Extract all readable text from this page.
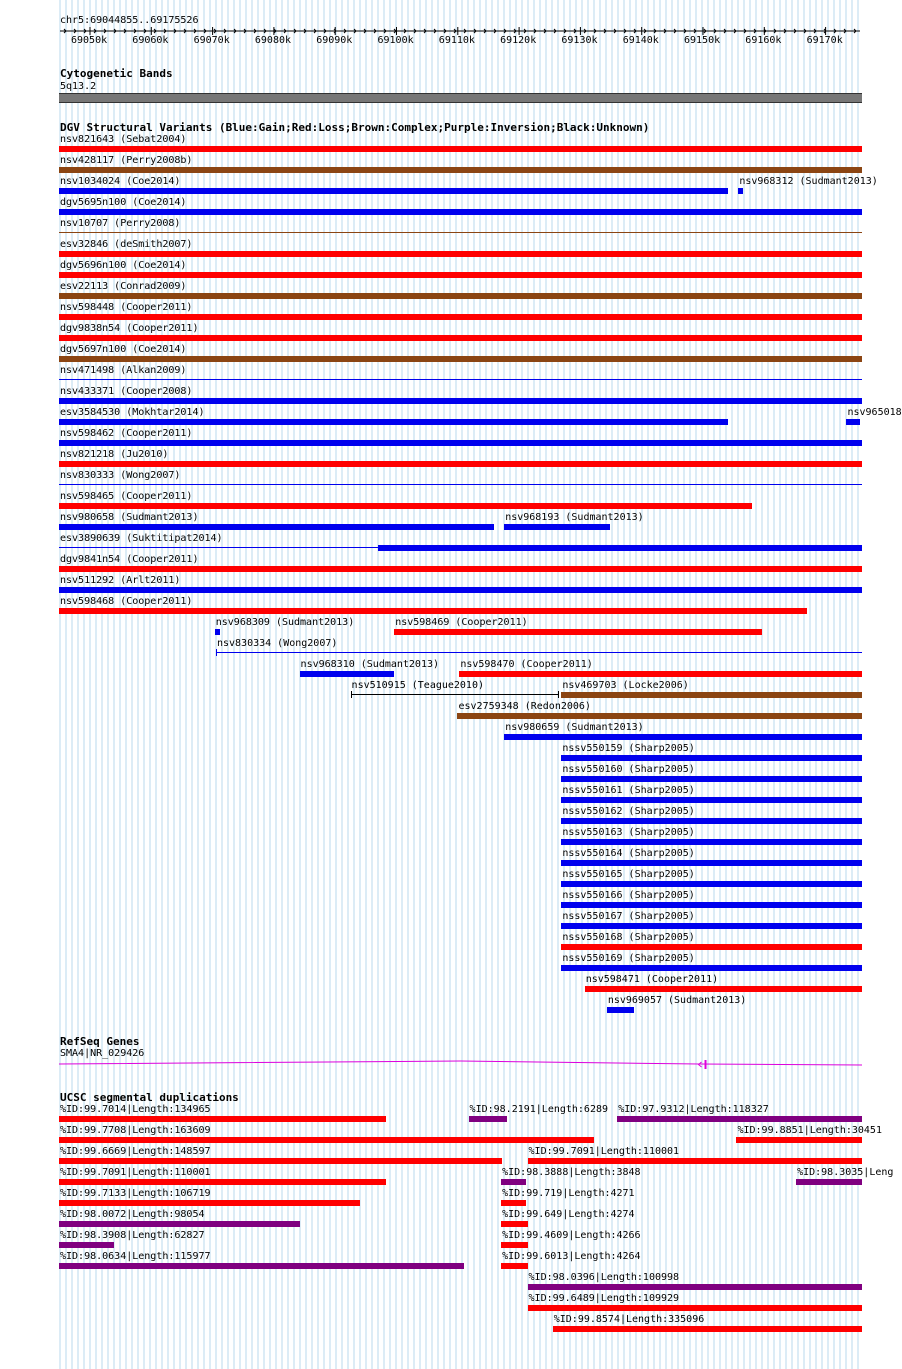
chr5:69044855..69175526
69050k	69060k	69070k	69080k	69090k	69100k	69110k	69120k	69130k	69140k	69150k	69160k	69170k
Cytogenetic Bands
5q13.2
DGV Structural Variants (Blue:Gain;Red:Loss;Brown:Complex;Purple:Inversion;Black:Unknown)
nsv821643 (Sebat2004)
nsv428117 (Perry2008b)
nsv1034024 (Coe2014)	nsv968312 (Sudmant2013)
dgv5695n100 (Coe2014)
nsv10707 (Perry2008)
esv32846 (deSmith2007)
dgv5696n100 (Coe2014)
esv22113 (Conrad2009)
nsv598448 (Cooper2011)
dgv9838n54 (Cooper2011)
dgv5697n100 (Coe2014)
nsv471498 (Alkan2009)
nsv433371 (Cooper2008)
esv3584530 (Mokhtar2014)	nsv965018
nsv598462 (Cooper2011)
nsv821218 (Ju2010)
nsv830333 (Wong2007)
nsv598465 (Cooper2011)
nsv980658 (Sudmant2013)	nsv968193 (Sudmant2013)
esv3890639 (Suktitipat2014)
dgv9841n54 (Cooper2011)
nsv511292 (Arlt2011)
nsv598468 (Cooper2011)
nsv968309 (Sudmant2013)	nsv598469 (Cooper2011)
nsv830334 (Wong2007)
nsv968310 (Sudmant2013) nsv598470 (Cooper2011)
nsv510915 (Teague2010)	nsv469703 (Locke2006)
esv2759348 (Redon2006)
nsv980659 (Sudmant2013)
nssv550159 (Sharp2005)
nssv550160 (Sharp2005)
nssv550161 (Sharp2005)
nssv550162 (Sharp2005)
nssv550163 (Sharp2005)
nssv550164 (Sharp2005)
nssv550165 (Sharp2005)
nssv550166 (Sharp2005)
nssv550167 (Sharp2005)
nssv550168 (Sharp2005)
nssv550169 (Sharp2005)
nsv598471 (Cooper2011)
nsv969057 (Sudmant2013)
RefSeq Genes
SMA4|NR_029426
UCSC segmental duplications
%ID:99.7014|Length:134965	%ID:98.2191|Length:6289 %ID:97.9312|Length:118327
%ID:99.7708|Length:163609	%ID:99.8851|Length:30451
%ID:99.6669|Length:148597	%ID:99.7091|Length:110001
%ID:99.7091|Length:110001	%ID:98.3888|Length:3848	%ID:98.3035|Leng
%ID:99.7133|Length:106719	%ID:99.719|Length:4271
%ID:98.0072|Length:98054	%ID:99.649|Length:4274
%ID:98.3908|Length:62827	%ID:99.4609|Length:4266
%ID:98.0634|Length:115977	%ID:99.6013|Length:4264
%ID:98.0396|Length:100998
%ID:99.6489|Length:109929
%ID:99.8574|Length:335096
